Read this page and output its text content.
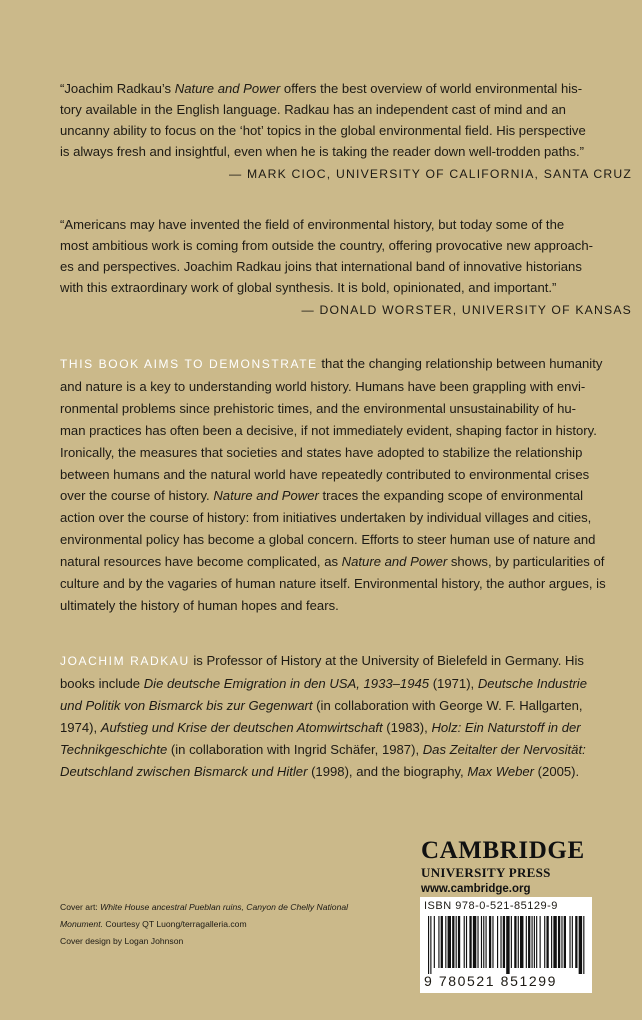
“Joachim Radkau’s Nature and Power offers the best overview of world environmental his-
tory available in the English language. Radkau has an independent cast of mind and an
uncanny ability to focus on the ‘hot’ topics in the global environmental field. His perspective
is always fresh and insightful, even when he is taking the reader down well-trodden paths.”
— MARK CIOC, UNIVERSITY OF CALIFORNIA, SANTA CRUZ
“Americans may have invented the field of environmental history, but today some of the
most ambitious work is coming from outside the country, offering provocative new approach-
es and perspectives. Joachim Radkau joins that international band of innovative historians
with this extraordinary work of global synthesis. It is bold, opinionated, and important.”
— DONALD WORSTER, UNIVERSITY OF KANSAS
THIS BOOK AIMS TO DEMONSTRATE that the changing relationship between humanity
and nature is a key to understanding world history. Humans have been grappling with envi-
ronmental problems since prehistoric times, and the environmental unsustainability of hu-
man practices has often been a decisive, if not immediately evident, shaping factor in history.
Ironically, the measures that societies and states have adopted to stabilize the relationship
between humans and the natural world have repeatedly contributed to environmental crises
over the course of history. Nature and Power traces the expanding scope of environmental
action over the course of history: from initiatives undertaken by individual villages and cities,
environmental policy has become a global concern. Efforts to steer human use of nature and
natural resources have become complicated, as Nature and Power shows, by particularities of
culture and by the vagaries of human nature itself. Environmental history, the author argues, is
ultimately the history of human hopes and fears.
JOACHIM RADKAU is Professor of History at the University of Bielefeld in Germany. His
books include Die deutsche Emigration in den USA, 1933–1945 (1971), Deutsche Industrie
und Politik von Bismarck bis zur Gegenwart (in collaboration with George W. F. Hallgarten,
1974), Aufstieg und Krise der deutschen Atomwirtschaft (1983), Holz: Ein Naturstoff in der
Technikgeschichte (in collaboration with Ingrid Schäfer, 1987), Das Zeitalter der Nervosität:
Deutschland zwischen Bismarck und Hitler (1998), and the biography, Max Weber (2005).
CAMBRIDGE
UNIVERSITY PRESS
www.cambridge.org
ISBN 978-0-521-85129-9
9 780521 851299
Cover art: White House ancestral Pueblan ruins, Canyon de Chelly National
Monument. Courtesy QT Luong/terragalleria.com
Cover design by Logan Johnson
